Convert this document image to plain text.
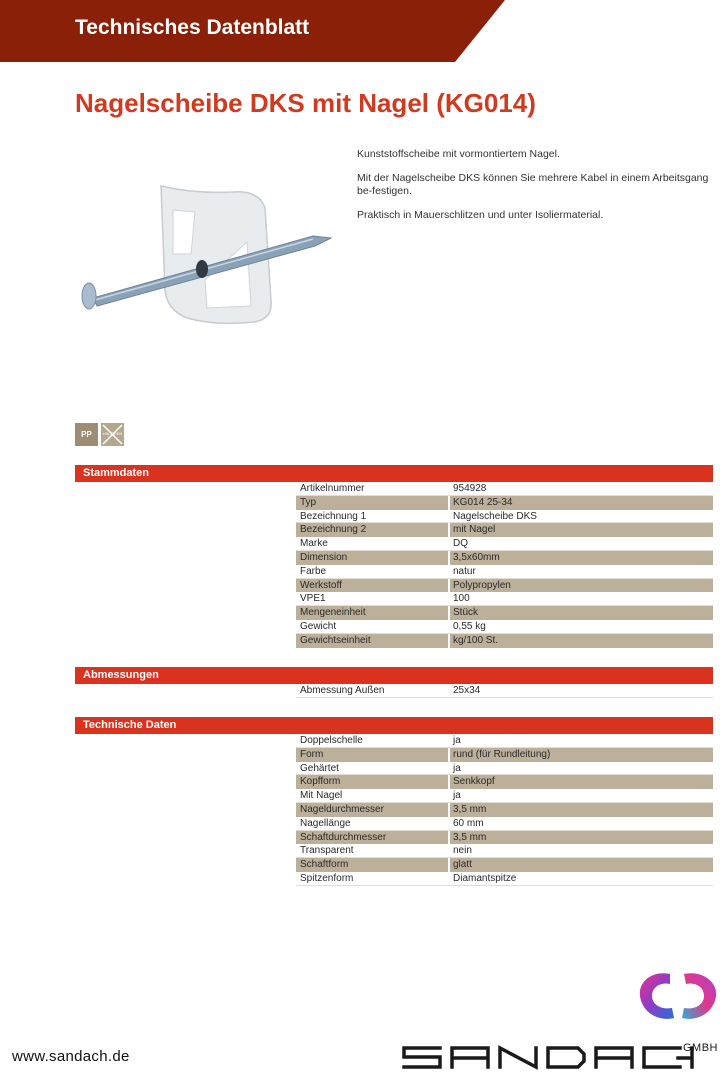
Technisches Datenblatt
Nagelscheibe DKS mit Nagel (KG014)

Kunststoffscheibe mit vormontiertem Nagel.

Mit der Nagelscheibe DKS können Sie mehrere Kabel in einem Arbeitsgang be-festigen.

Praktisch in Mauerschlitzen und unter Isoliermaterial.

PP	HALOGEN
Stammdaten
Artikelnummer	954928
Typ	KG014 25-34
Bezeichnung 1	Nagelscheibe DKS
Bezeichnung 2	mit Nagel
Marke	DQ
Dimension	3,5x60mm
Farbe	natur
Werkstoff	Polypropylen
VPE1	100
Mengeneinheit	Stück
Gewicht	0,55 kg
Gewichtseinheit	kg/100 St.
Abmessungen
Abmessung Außen	25x34
Technische Daten
Doppelschelle	ja
Form	rund (für Rundleitung)
Gehärtet	ja
Kopfform	Senkkopf
Mit Nagel	ja
Nageldurchmesser	3,5 mm
Nagellänge	60 mm
Schaftdurchmesser	3,5 mm
Transparent	nein
Schaftform	glatt
Spitzenform	Diamantspitze
www.sandach.de	GMBH
